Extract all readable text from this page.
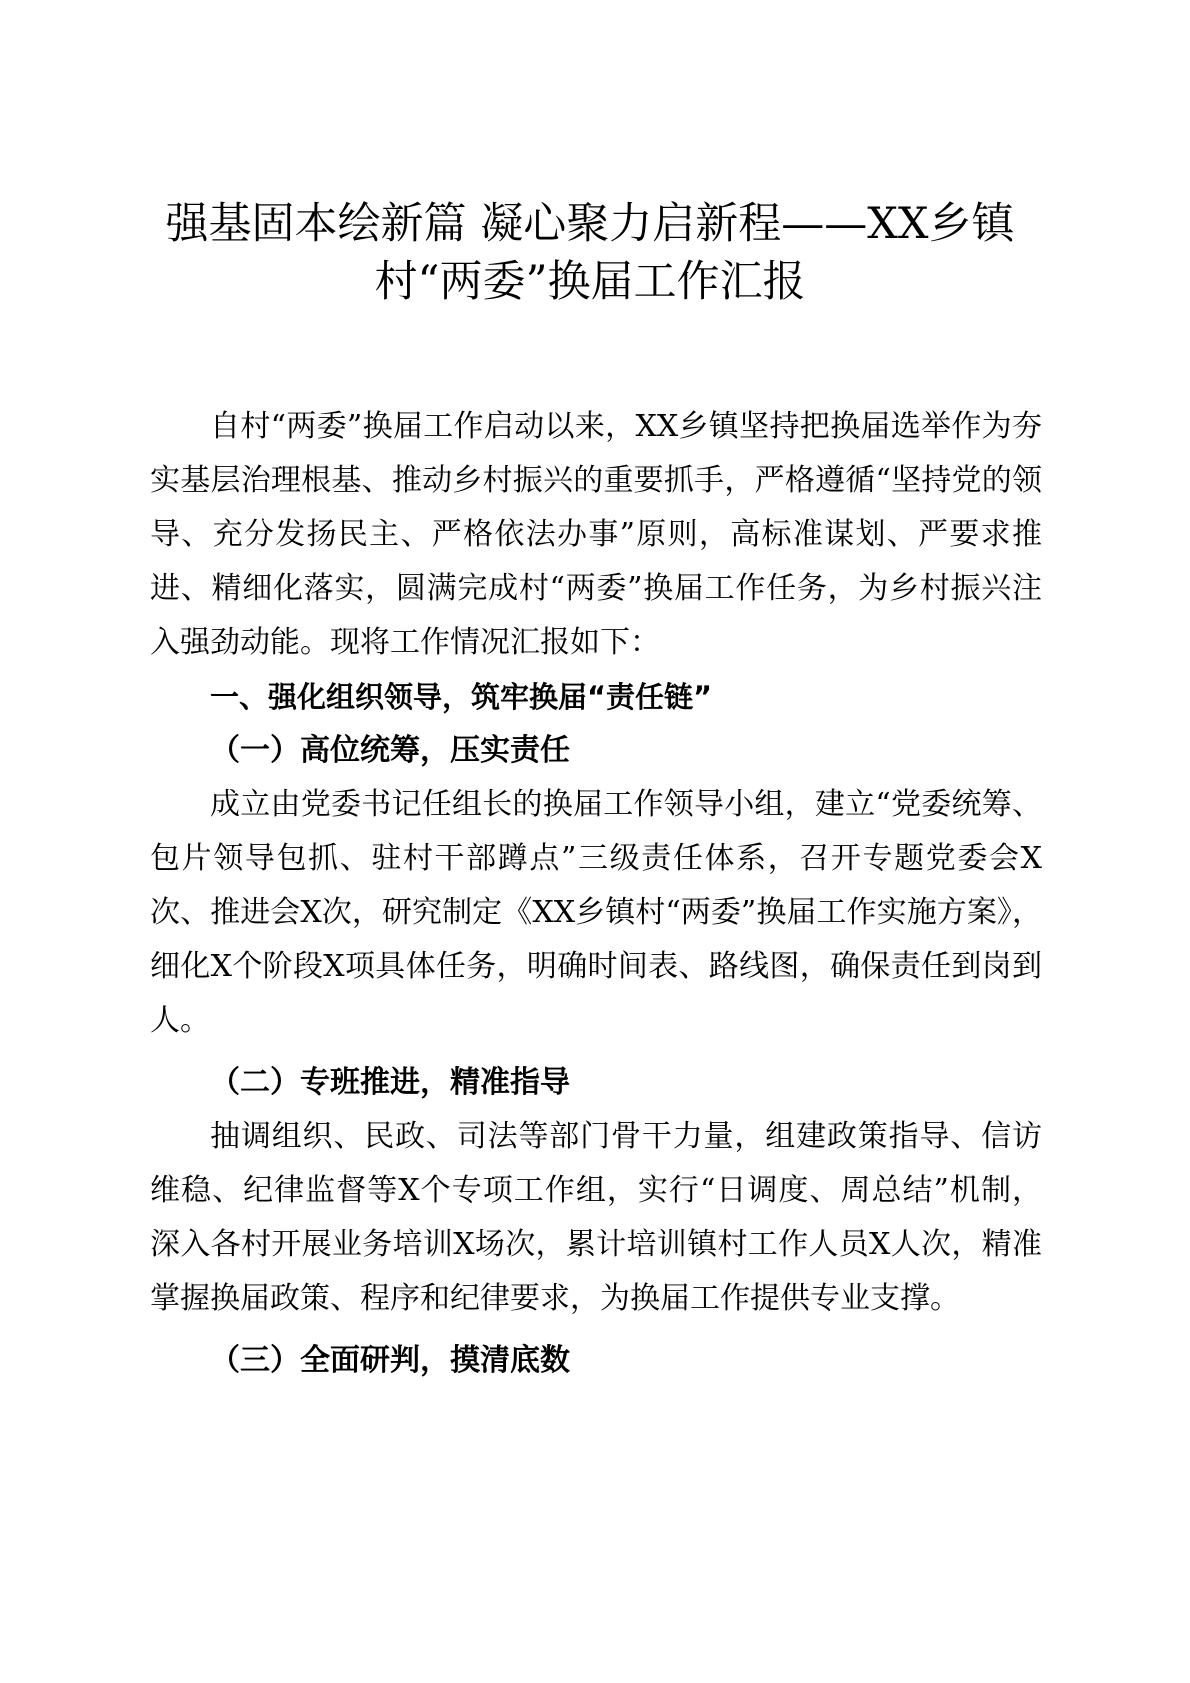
强基固本绘新篇 凝心聚力启新程——XX乡镇
村“两委”换届工作汇报

自村“两委”换届工作启动以来，XX乡镇坚持把换届选举作为夯实基层治理根基、推动乡村振兴的重要抓手，严格遵循“坚持党的领导、充分发扬民主、严格依法办事”原则，高标准谋划、严要求推进、精细化落实，圆满完成村“两委”换届工作任务，为乡村振兴注入强劲动能。现将工作情况汇报如下：

一、强化组织领导，筑牢换届“责任链”

（一）高位统筹，压实责任

成立由党委书记任组长的换届工作领导小组，建立“党委统筹、包片领导包抓、驻村干部蹲点”三级责任体系，召开专题党委会X次、推进会X次，研究制定《XX乡镇村“两委”换届工作实施方案》，细化X个阶段X项具体任务，明确时间表、路线图，确保责任到岗到人。

（二）专班推进，精准指导

抽调组织、民政、司法等部门骨干力量，组建政策指导、信访维稳、纪律监督等X个专项工作组，实行“日调度、周总结”机制，深入各村开展业务培训X场次，累计培训镇村工作人员X人次，精准掌握换届政策、程序和纪律要求，为换届工作提供专业支撑。

（三）全面研判，摸清底数
